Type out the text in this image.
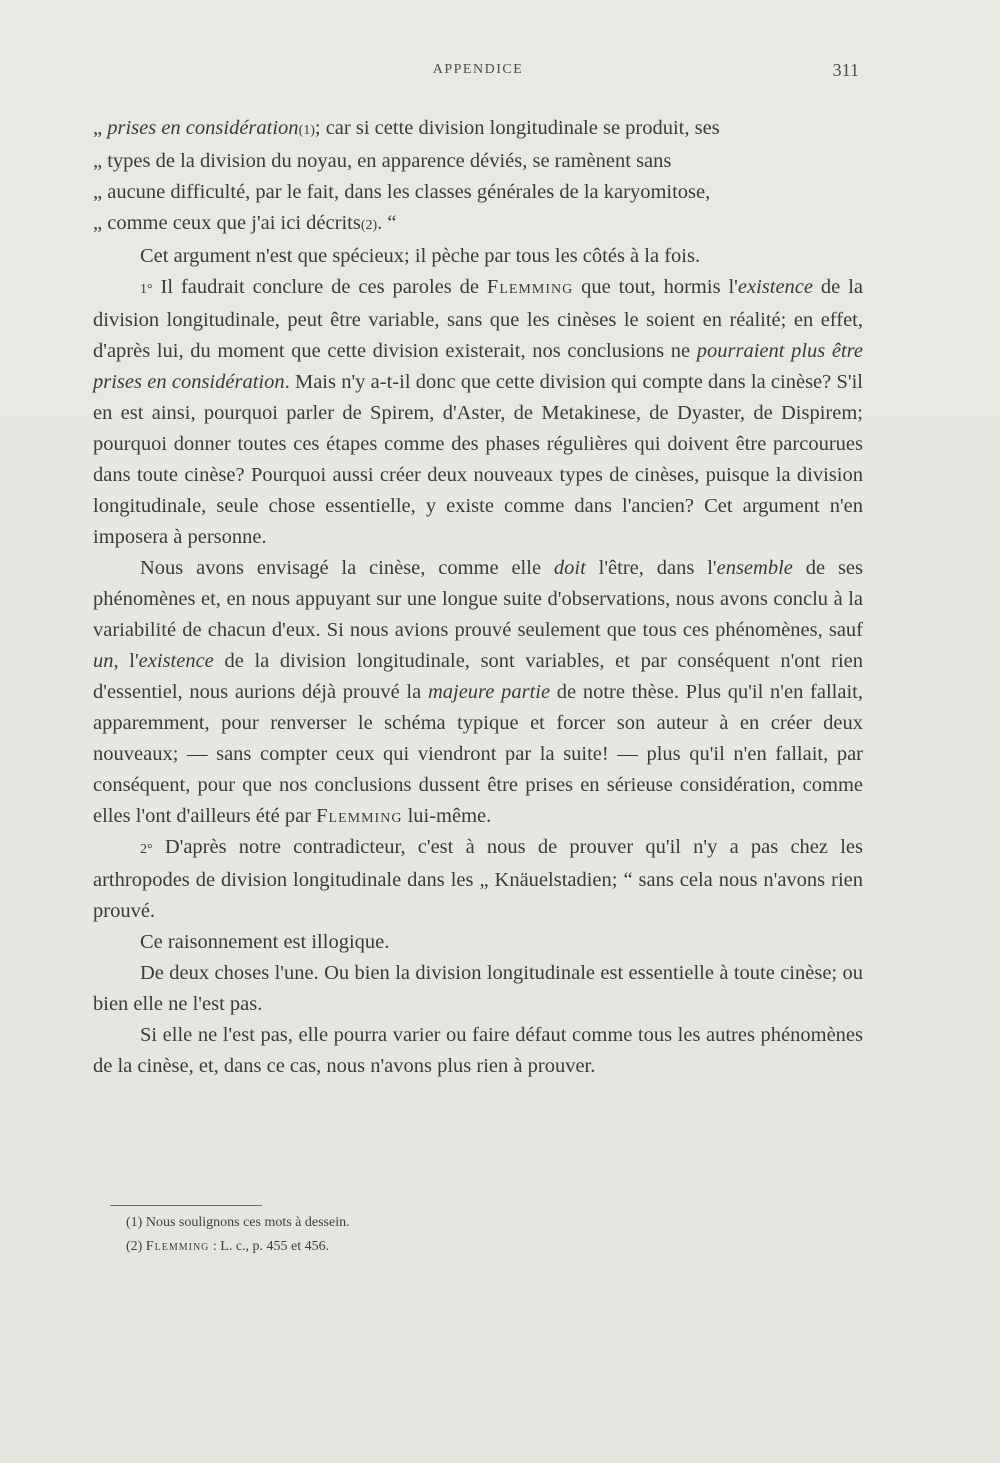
APPENDICE	311

„ prises en considération(1); car si cette division longitudinale se produit, ses
„ types de la division du noyau, en apparence déviés, se ramènent sans
„ aucune difficulté, par le fait, dans les classes générales de la karyomitose,
„ comme ceux que j'ai ici décrits(2). “

Cet argument n'est que spécieux; il pèche par tous les côtés à la fois.

1° Il faudrait conclure de ces paroles de Flemming que tout, hormis l'existence de la division longitudinale, peut être variable, sans que les cinèses le soient en réalité; en effet, d'après lui, du moment que cette division existerait, nos conclusions ne pourraient plus être prises en considération. Mais n'y a-t-il donc que cette division qui compte dans la cinèse? S'il en est ainsi, pourquoi parler de Spirem, d'Aster, de Metakinese, de Dyaster, de Dispirem; pourquoi donner toutes ces étapes comme des phases régulières qui doivent être parcourues dans toute cinèse? Pourquoi aussi créer deux nouveaux types de cinèses, puisque la division longitudinale, seule chose essentielle, y existe comme dans l'ancien? Cet argument n'en imposera à personne.

Nous avons envisagé la cinèse, comme elle doit l'être, dans l'ensemble de ses phénomènes et, en nous appuyant sur une longue suite d'observations, nous avons conclu à la variabilité de chacun d'eux. Si nous avions prouvé seulement que tous ces phénomènes, sauf un, l'existence de la division longitudinale, sont variables, et par conséquent n'ont rien d'essentiel, nous aurions déjà prouvé la majeure partie de notre thèse. Plus qu'il n'en fallait, apparemment, pour renverser le schéma typique et forcer son auteur à en créer deux nouveaux; — sans compter ceux qui viendront par la suite! — plus qu'il n'en fallait, par conséquent, pour que nos conclusions dussent être prises en sérieuse considération, comme elles l'ont d'ailleurs été par Flemming lui-même.

2° D'après notre contradicteur, c'est à nous de prouver qu'il n'y a pas chez les arthropodes de division longitudinale dans les „ Knäuelstadien; “ sans cela nous n'avons rien prouvé.

Ce raisonnement est illogique.

De deux choses l'une. Ou bien la division longitudinale est essentielle à toute cinèse; ou bien elle ne l'est pas.

Si elle ne l'est pas, elle pourra varier ou faire défaut comme tous les autres phénomènes de la cinèse, et, dans ce cas, nous n'avons plus rien à prouver.

(1) Nous soulignons ces mots à dessein.

(2) Flemming : L. c., p. 455 et 456.
